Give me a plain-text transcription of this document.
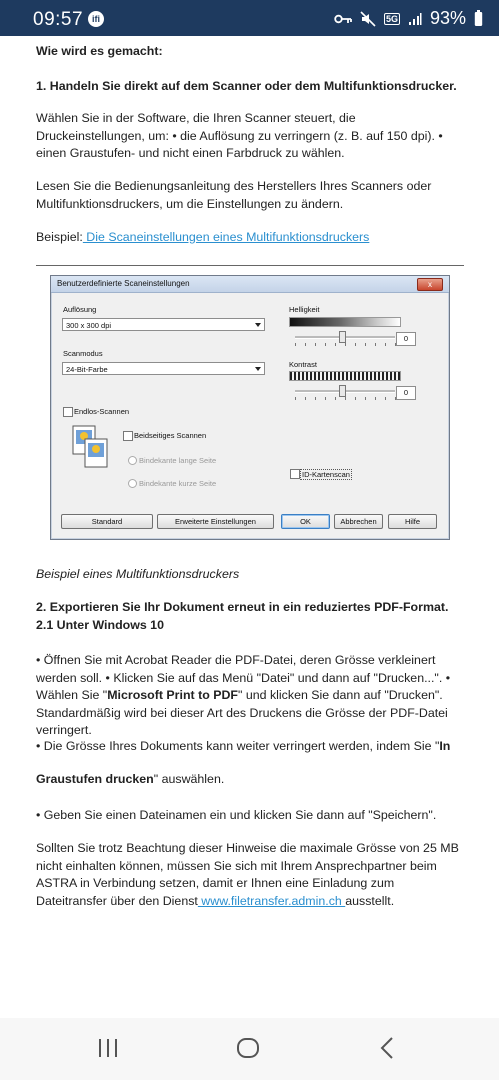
09:57 ifi	5G 93%

Wie wird es gemacht:

1. Handeln Sie direkt auf dem Scanner oder dem Multifunktionsdrucker.

Wählen Sie in der Software, die Ihren Scanner steuert, die Druckeinstellungen, um: • die Auflösung zu verringern (z. B. auf 150 dpi). • einen Graustufen- und nicht einen Farbdruck zu wählen.

Lesen Sie die Bedienungsanleitung des Herstellers Ihres Scanners oder Multifunktionsdruckers, um die Einstellungen zu ändern.

Beispiel: Die Scaneinstellungen eines Multifunktionsdruckers

Benutzerdefinierte Scaneinstellungen	x
Auflösung
300 x 300 dpi
Scanmodus
24-Bit-Farbe
Helligkeit
0
Kontrast
0
Endlos-Scannen
Beidseitiges Scannen
Bindekante lange Seite
Bindekante kurze Seite
ID-Kartenscan
Standard	Erweiterte Einstellungen	OK	Abbrechen	Hilfe

Beispiel eines Multifunktionsdruckers

2. Exportieren Sie Ihr Dokument erneut in ein reduziertes PDF-Format. 2.1 Unter Windows 10

• Öffnen Sie mit Acrobat Reader die PDF-Datei, deren Grösse verkleinert werden soll. • Klicken Sie auf das Menü "Datei" und dann auf "Drucken...". • Wählen Sie "Microsoft Print to PDF" und klicken Sie dann auf "Drucken". Standardmäßig wird bei dieser Art des Druckens die Grösse der PDF-Datei verringert.

• Die Grösse Ihres Dokuments kann weiter verringert werden, indem Sie "In

Graustufen drucken" auswählen.

• Geben Sie einen Dateinamen ein und klicken Sie dann auf "Speichern".

Sollten Sie trotz Beachtung dieser Hinweise die maximale Grösse von 25 MB nicht einhalten können, müssen Sie sich mit Ihrem Ansprechpartner beim ASTRA in Verbindung setzen, damit er Ihnen eine Einladung zum Dateitransfer über den Dienst www.filetransfer.admin.ch ausstellt.
